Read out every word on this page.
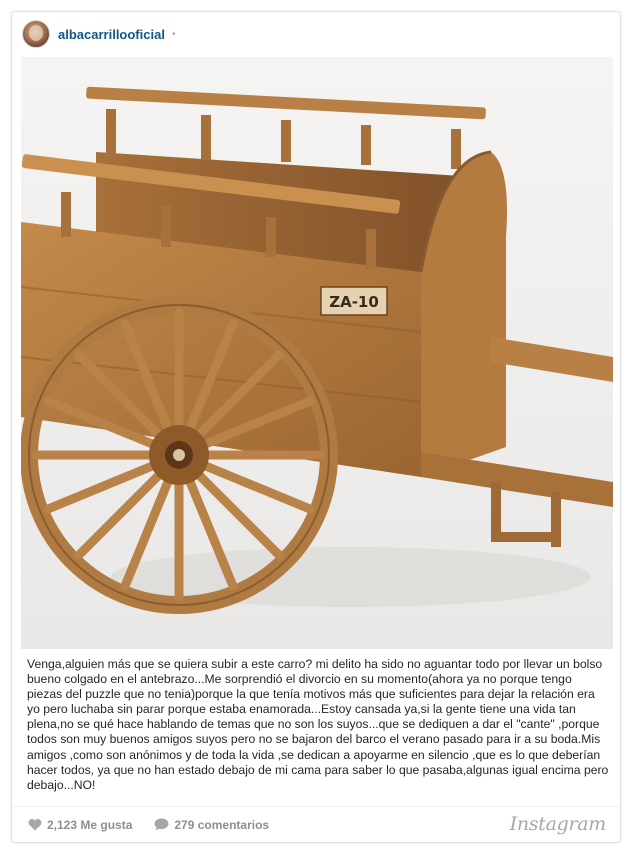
albacarrillooficial •
ZA-10

Venga,alguien más que se quiera subir a este carro? mi delito ha sido no aguantar todo por llevar un bolso bueno colgado en el antebrazo...Me sorprendió el divorcio en su momento(ahora ya no porque tengo piezas del puzzle que no tenia)porque la que tenía motivos más que suficientes para dejar la relación era yo pero luchaba sin parar porque estaba enamorada...Estoy cansada ya,si la gente tiene una vida tan plena,no se qué hace hablando de temas que no son los suyos...que se dediquen a dar el "cante" ,porque todos son muy buenos amigos suyos pero no se bajaron del barco el verano pasado para ir a su boda.Mis amigos ,como son anónimos y de toda la vida ,se dedican a apoyarme en silencio ,que es lo que deberían hacer todos, ya que no han estado debajo de mi cama para saber lo que pasaba,algunas igual encima pero debajo...NO!

2,123 Me gusta	279 comentarios	Instagram
